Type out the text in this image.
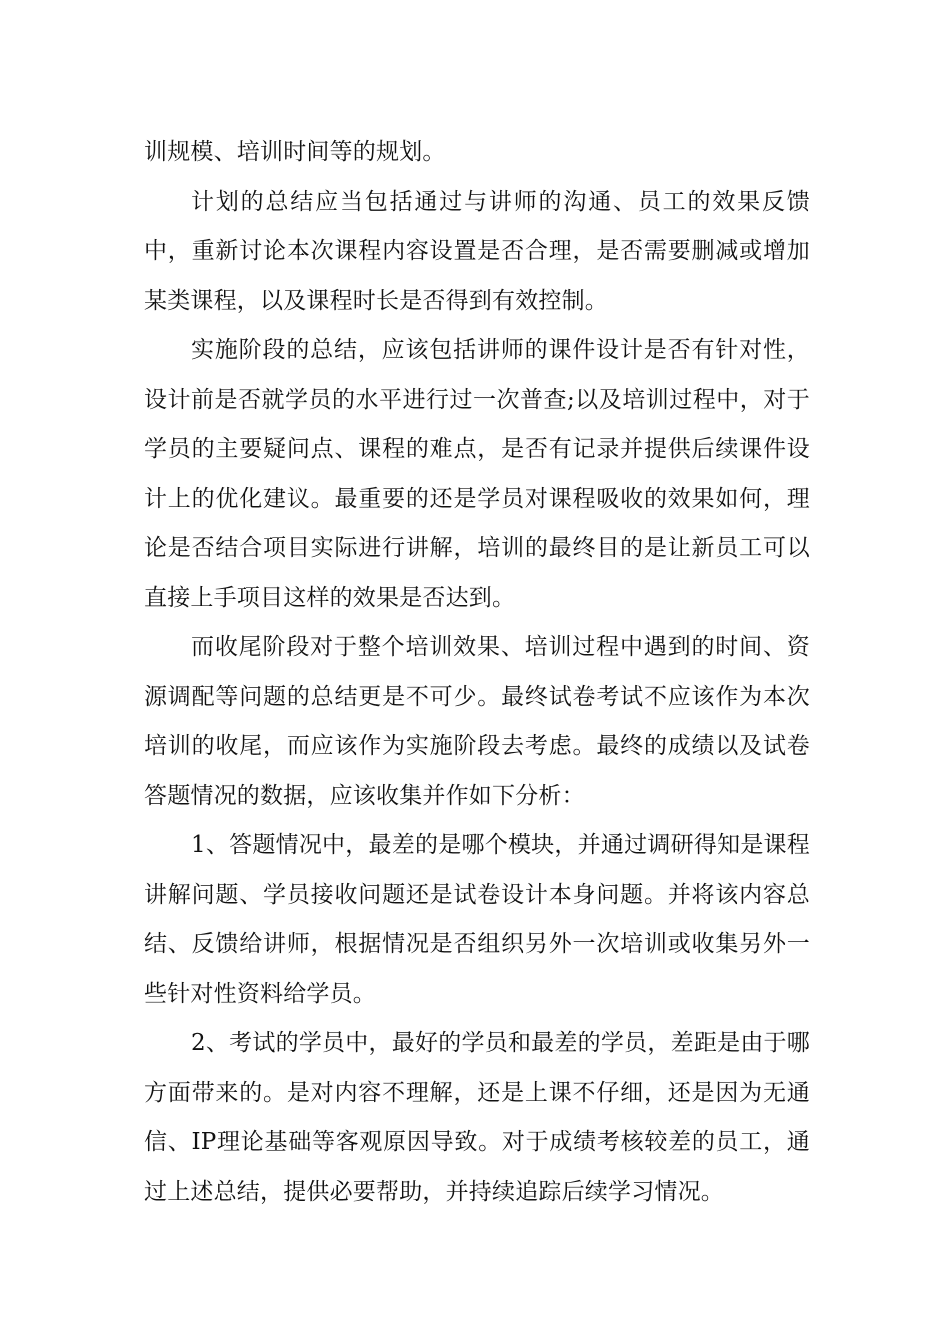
训规模、培训时间等的规划。

计划的总结应当包括通过与讲师的沟通、员工的效果反馈中，重新讨论本次课程内容设置是否合理，是否需要删减或增加某类课程，以及课程时长是否得到有效控制。

实施阶段的总结，应该包括讲师的课件设计是否有针对性，设计前是否就学员的水平进行过一次普查;以及培训过程中，对于学员的主要疑问点、课程的难点，是否有记录并提供后续课件设计上的优化建议。最重要的还是学员对课程吸收的效果如何，理论是否结合项目实际进行讲解，培训的最终目的是让新员工可以直接上手项目这样的效果是否达到。

而收尾阶段对于整个培训效果、培训过程中遇到的时间、资源调配等问题的总结更是不可少。最终试卷考试不应该作为本次培训的收尾，而应该作为实施阶段去考虑。最终的成绩以及试卷答题情况的数据，应该收集并作如下分析：

1、答题情况中，最差的是哪个模块，并通过调研得知是课程讲解问题、学员接收问题还是试卷设计本身问题。并将该内容总结、反馈给讲师，根据情况是否组织另外一次培训或收集另外一些针对性资料给学员。

2、考试的学员中，最好的学员和最差的学员，差距是由于哪方面带来的。是对内容不理解，还是上课不仔细，还是因为无通信、IP理论基础等客观原因导致。对于成绩考核较差的员工，通过上述总结，提供必要帮助，并持续追踪后续学习情况。
